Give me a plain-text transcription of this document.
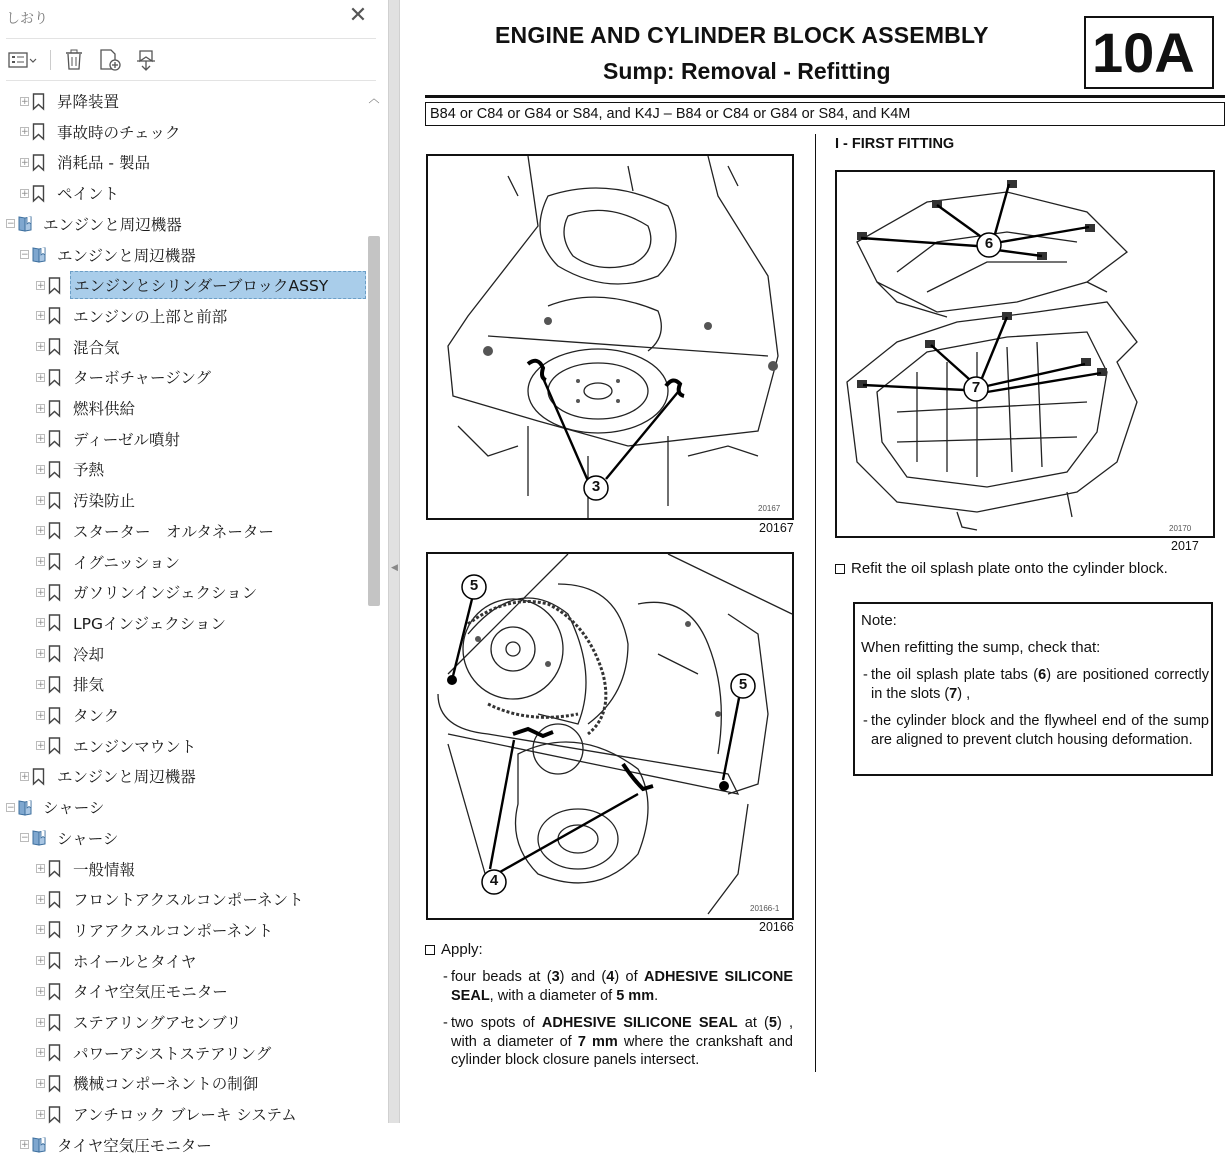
しおり	✕
+ 昇降装置
+ 事故時のチェック
+ 消耗品 - 製品
+ ペイント
− エンジンと周辺機器
− エンジンと周辺機器
+ エンジンとシリンダーブロックASSY
+ エンジンの上部と前部
+ 混合気
+ ターボチャージング
+ 燃料供給
+ ディーゼル噴射
+ 予熱
+ 汚染防止
+ スターター　オルタネーター
+ イグニッション
+ ガソリンインジェクション
+ LPGインジェクション
+ 冷却
+ 排気
+ タンク
+ エンジンマウント
+ エンジンと周辺機器
− シャーシ
− シャーシ
+ 一般情報
+ フロントアクスルコンポーネント
+ リアアクスルコンポーネント
+ ホイールとタイヤ
+ タイヤ空気圧モニター
+ ステアリングアセンブリ
+ パワーアシストステアリング
+ 機械コンポーネントの制御
+ アンチロック ブレーキ システム
+ タイヤ空気圧モニター
︿
◀
ENGINE AND CYLINDER BLOCK ASSEMBLY
Sump: Removal - Refitting	10A
B84 or C84 or G84 or S84, and K4J – B84 or C84 or G84 or S84, and K4M
3
20167
20167
5
5
4
20166-1
20166
6
7
20170
2017
I - FIRST FITTING
Refit the oil splash plate onto the cylinder block.
Note:
When refitting the sump, check that:
- the oil splash plate tabs (6) are positioned correctly in the slots (7) ,
- the cylinder block and the flywheel end of the sump are aligned to prevent clutch housing deformation.
Apply:
- four beads at (3) and (4) of ADHESIVE SILICONE SEAL, with a diameter of 5 mm.
- two spots of ADHESIVE SILICONE SEAL at (5) , with a diameter of 7 mm where the crankshaft and cylinder block closure panels intersect.
